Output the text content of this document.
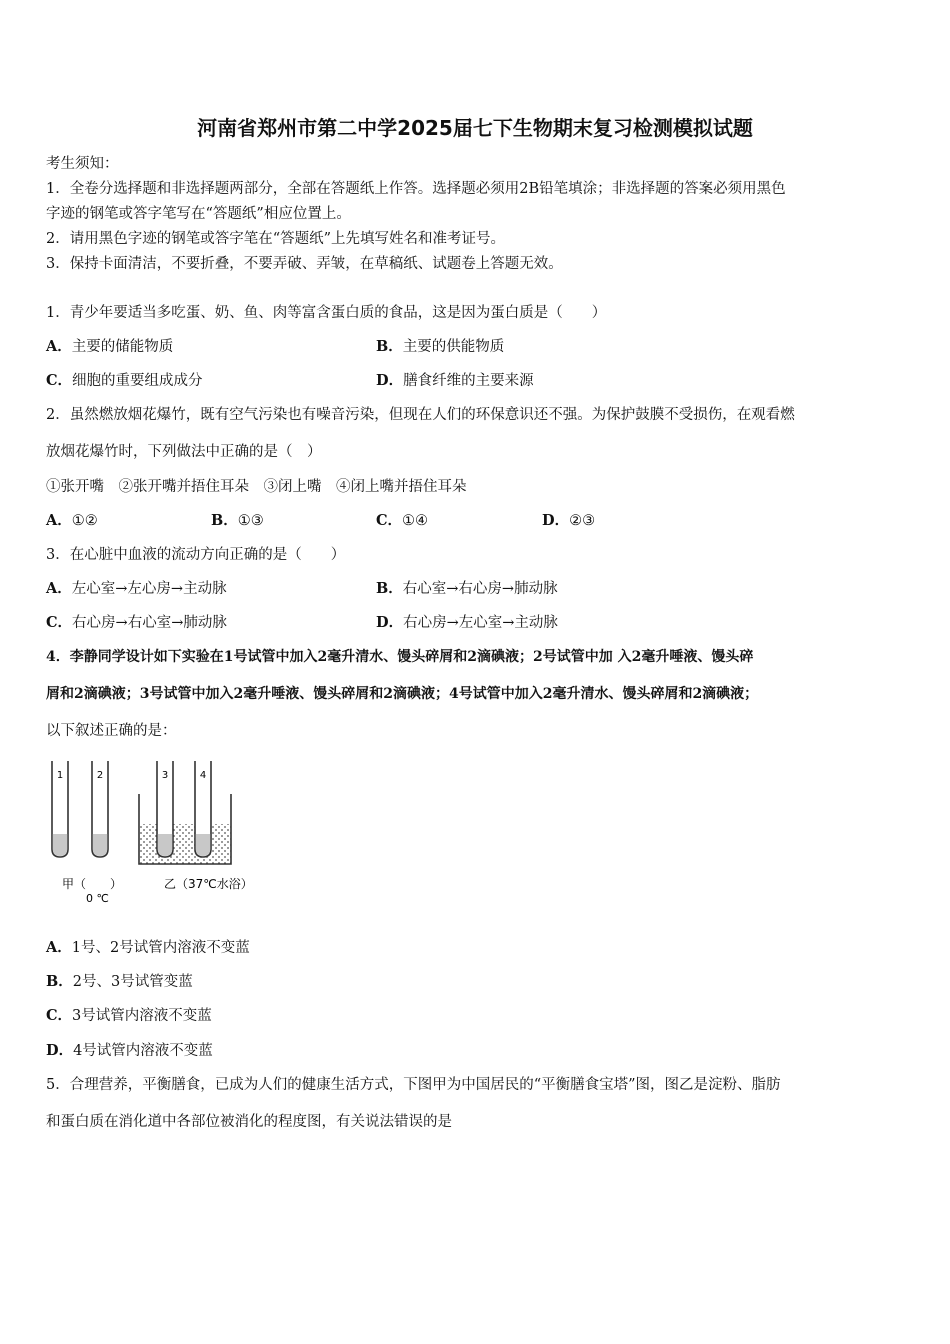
河南省郑州市第二中学2025届七下生物期末复习检测模拟试题
考生须知：
1．全卷分选择题和非选择题两部分，全部在答题纸上作答。选择题必须用2B铅笔填涂；非选择题的答案必须用黑色
字迹的钢笔或答字笔写在“答题纸”相应位置上。
2．请用黑色字迹的钢笔或答字笔在“答题纸”上先填写姓名和准考证号。
3．保持卡面清洁，不要折叠，不要弄破、弄皱，在草稿纸、试题卷上答题无效。
1．青少年要适当多吃蛋、奶、鱼、肉等富含蛋白质的食品，这是因为蛋白质是（　　）
A．主要的储能物质	B．主要的供能物质
C．细胞的重要组成成分	D．膳食纤维的主要来源
2．虽然燃放烟花爆竹，既有空气污染也有噪音污染，但现在人们的环保意识还不强。为保护鼓膜不受损伤，在观看燃
放烟花爆竹时，下列做法中正确的是（　）
①张开嘴　②张开嘴并捂住耳朵　③闭上嘴　④闭上嘴并捂住耳朵
A．①②	B．①③	C．①④	D．②③
3．在心脏中血液的流动方向正确的是（　　）
A．左心室→左心房→主动脉	B．右心室→右心房→肺动脉
C．右心房→右心室→肺动脉	D．右心房→左心室→主动脉
4．李静同学设计如下实验在1号试管中加入2毫升清水、馒头碎屑和2滴碘液；2号试管中加 入2毫升唾液、馒头碎
屑和2滴碘液；3号试管中加入2毫升唾液、馒头碎屑和2滴碘液；4号试管中加入2毫升清水、馒头碎屑和2滴碘液；
以下叙述正确的是：
1	2	3	4
甲（　　）
0 ℃
乙（37℃水浴）
A．1号、2号试管内溶液不变蓝
B．2号、3号试管变蓝
C．3号试管内溶液不变蓝
D．4号试管内溶液不变蓝
5．合理营养，平衡膳食，已成为人们的健康生活方式，下图甲为中国居民的“平衡膳食宝塔”图，图乙是淀粉、脂肪
和蛋白质在消化道中各部位被消化的程度图，有关说法错误的是
